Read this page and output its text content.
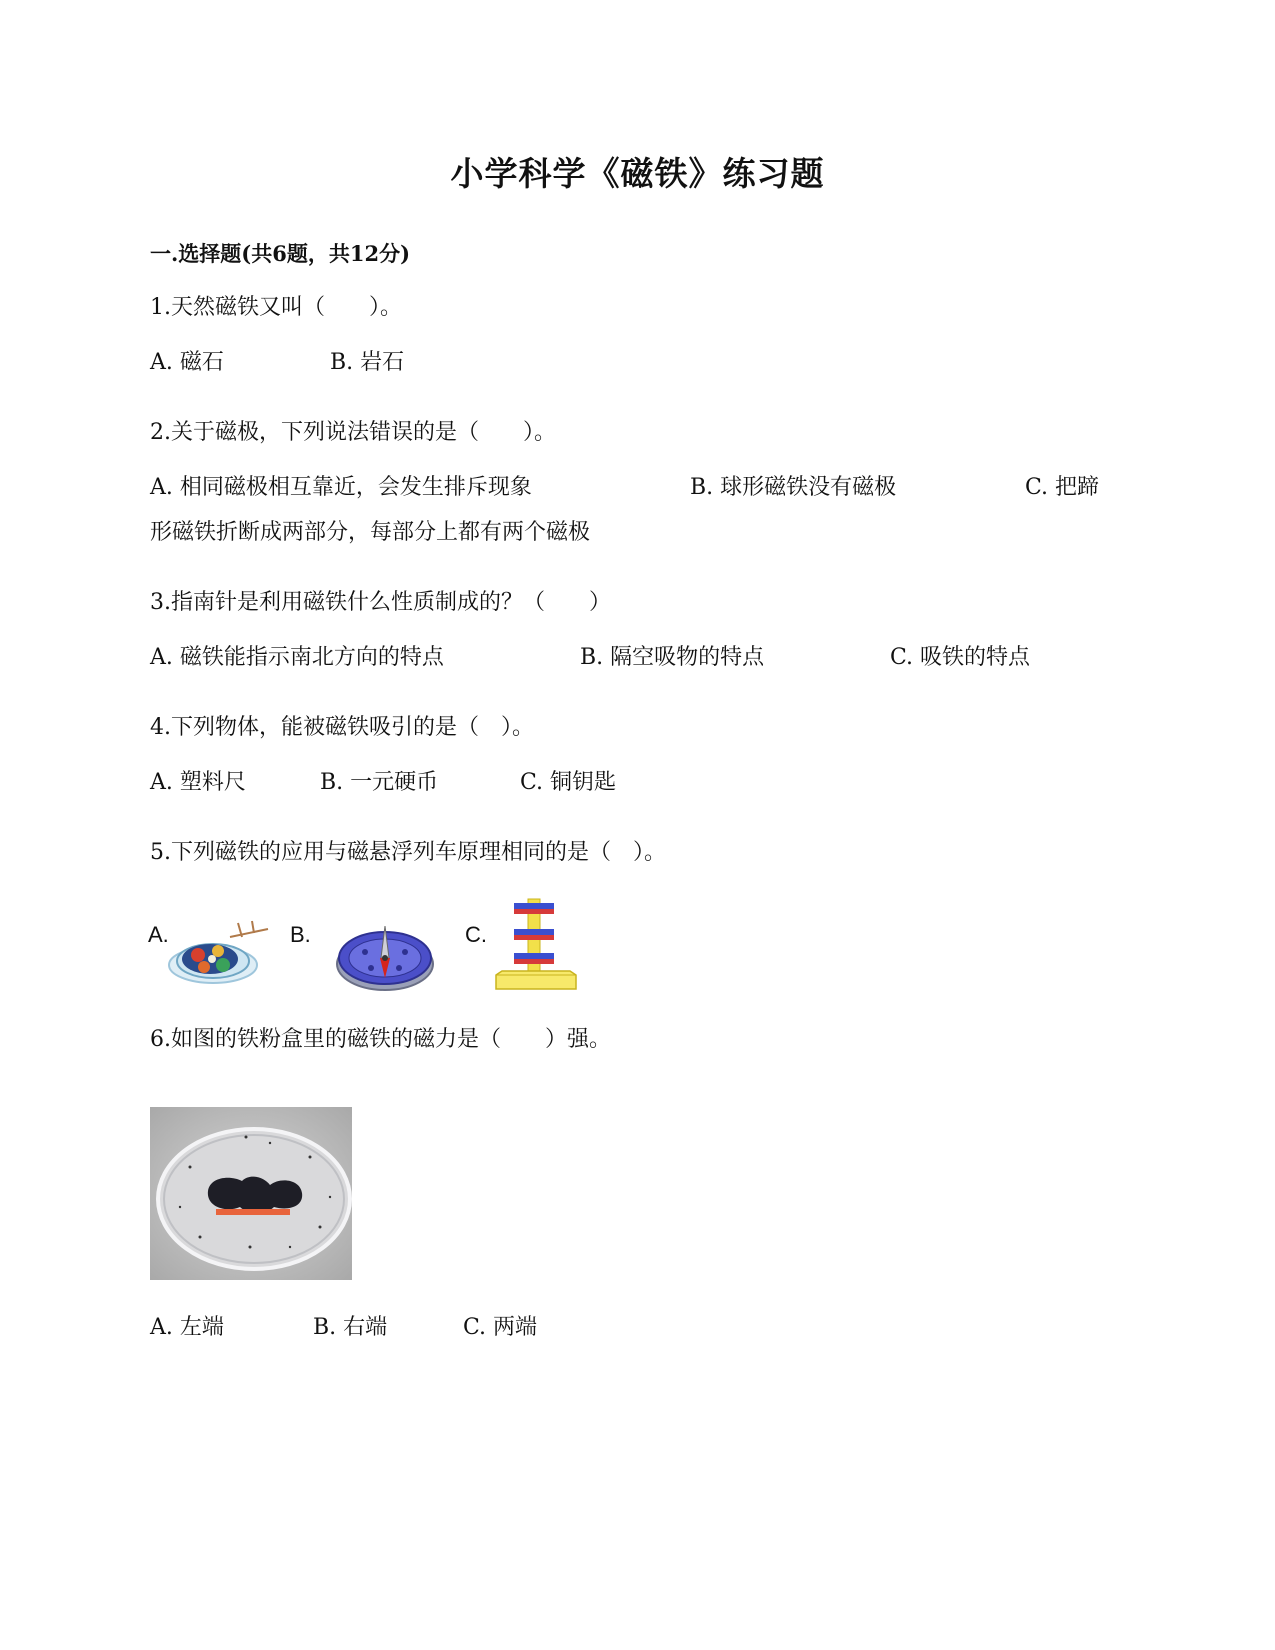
小学科学《磁铁》练习题
一.选择题(共6题，共12分)
1.天然磁铁又叫（　　）。
A. 磁石	B. 岩石
2.关于磁极，下列说法错误的是（　　）。
A. 相同磁极相互靠近，会发生排斥现象	B. 球形磁铁没有磁极	C. 把蹄
形磁铁折断成两部分，每部分上都有两个磁极
3.指南针是利用磁铁什么性质制成的？（　　）
A. 磁铁能指示南北方向的特点	B. 隔空吸物的特点	C. 吸铁的特点
4.下列物体，能被磁铁吸引的是（　）。
A. 塑料尺	B. 一元硬币	C. 铜钥匙
5.下列磁铁的应用与磁悬浮列车原理相同的是（　）。
A.	B.	C.
6.如图的铁粉盒里的磁铁的磁力是（　　）强。
A. 左端	B. 右端	C. 两端
